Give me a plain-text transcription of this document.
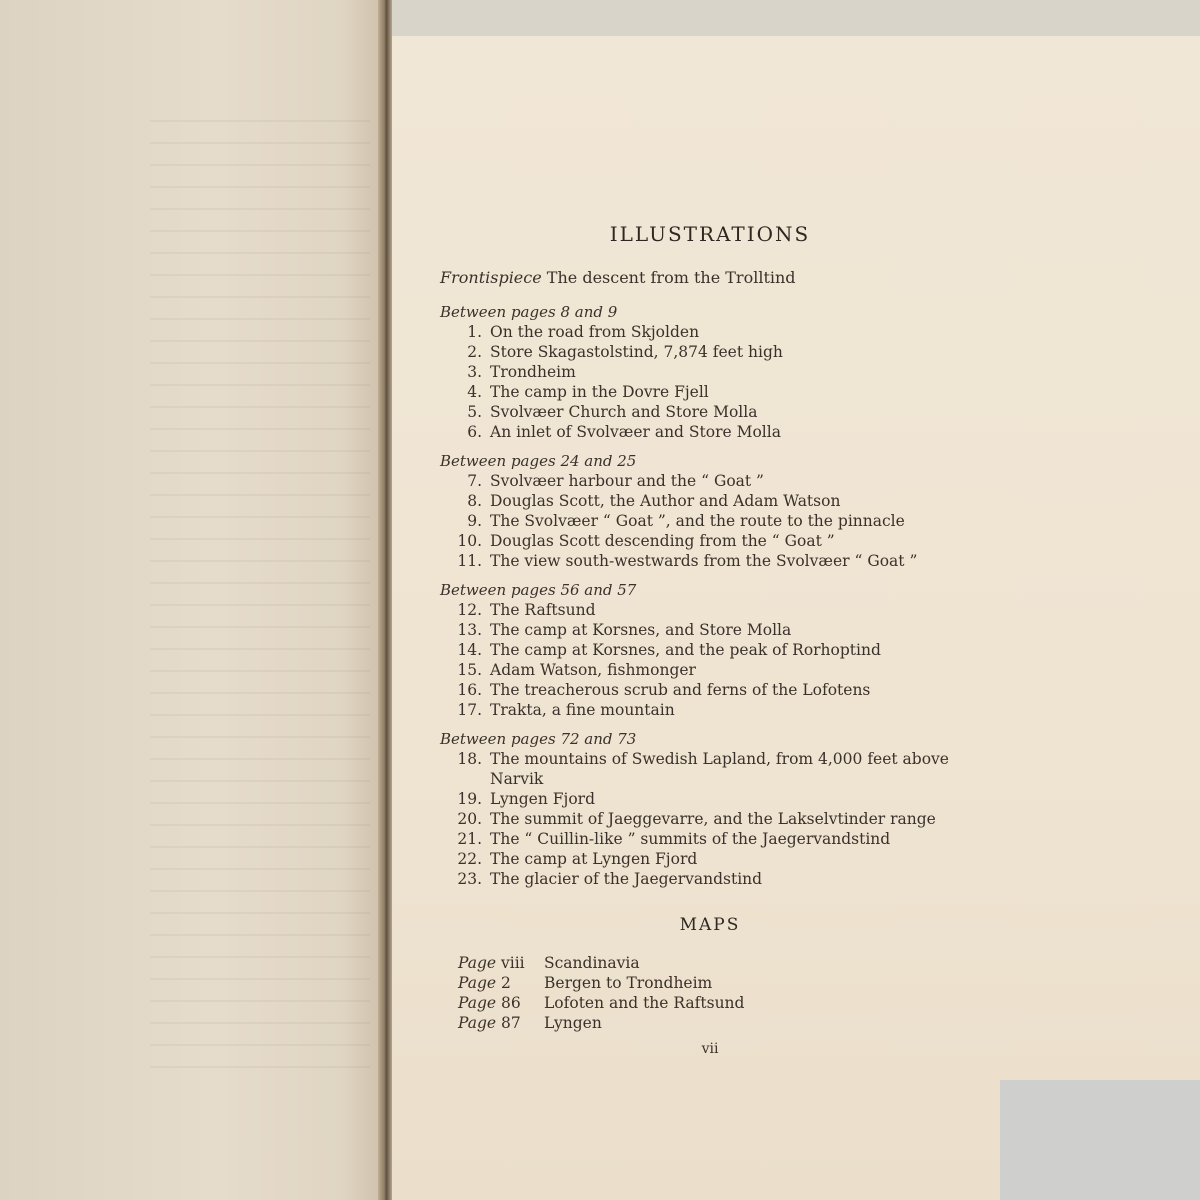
ILLUSTRATIONS
Frontispiece The descent from the Trolltind
Between pages 8 and 9
1. On the road from Skjolden
2. Store Skagastolstind, 7,874 feet high
3. Trondheim
4. The camp in the Dovre Fjell
5. Svolvæer Church and Store Molla
6. An inlet of Svolvæer and Store Molla
Between pages 24 and 25
7. Svolvæer harbour and the “ Goat ”
8. Douglas Scott, the Author and Adam Watson
9. The Svolvæer “ Goat ”, and the route to the pinnacle
10. Douglas Scott descending from the “ Goat ”
11. The view south-westwards from the Svolvæer “ Goat ”
Between pages 56 and 57
12. The Raftsund
13. The camp at Korsnes, and Store Molla
14. The camp at Korsnes, and the peak of Rorhoptind
15. Adam Watson, fishmonger
16. The treacherous scrub and ferns of the Lofotens
17. Trakta, a fine mountain
Between pages 72 and 73
18. The mountains of Swedish Lapland, from 4,000 feet above Narvik
19. Lyngen Fjord
20. The summit of Jaeggevarre, and the Lakselvtinder range
21. The “ Cuillin-like ” summits of the Jaegervandstind
22. The camp at Lyngen Fjord
23. The glacier of the Jaegervandstind
MAPS
Page viii	Scandinavia
Page 2	Bergen to Trondheim
Page 86	Lofoten and the Raftsund
Page 87	Lyngen
vii
